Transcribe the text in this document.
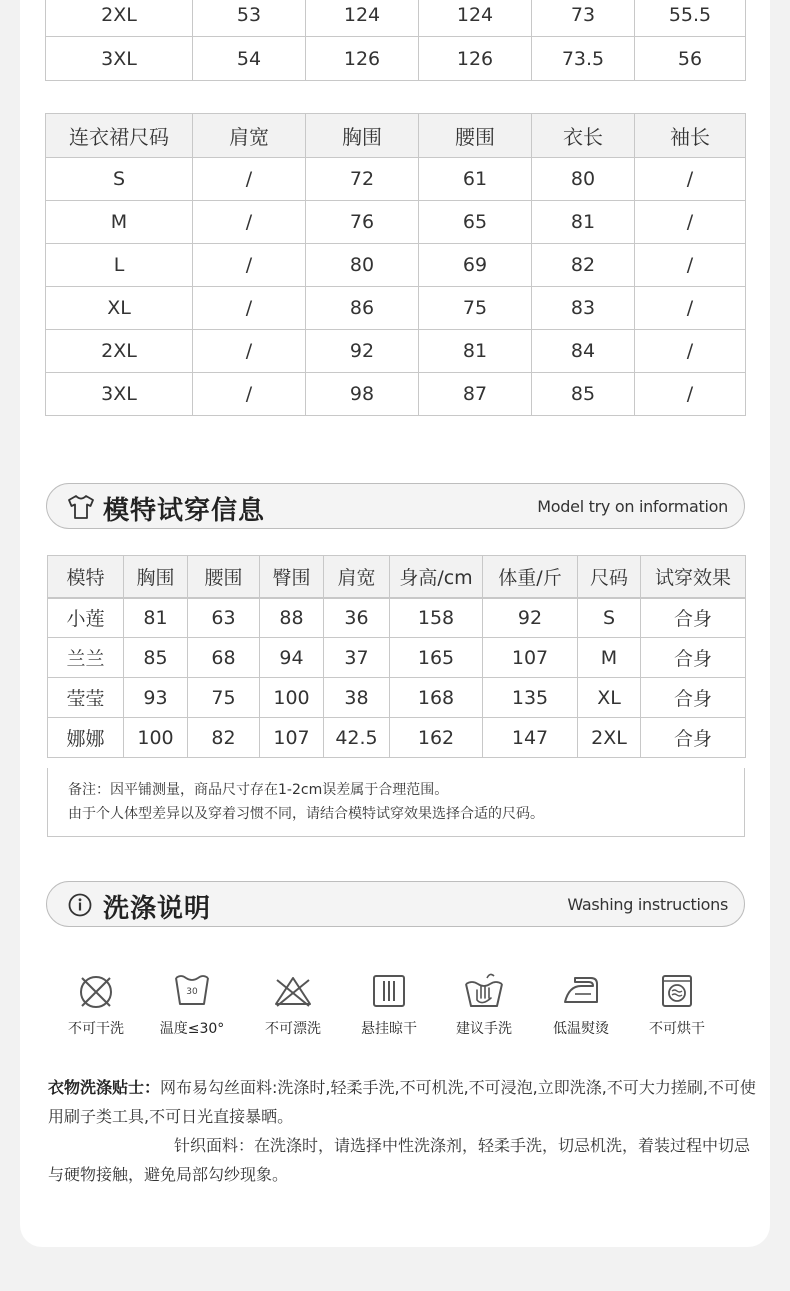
2XL	53	124	124	73	55.5
3XL	54	126	126	73.5	56
连衣裙尺码	肩宽	胸围	腰围	衣长	袖长
S	/	72	61	80	/
M	/	76	65	81	/
L	/	80	69	82	/
XL	/	86	75	83	/
2XL	/	92	81	84	/
3XL	/	98	87	85	/
模特试穿信息	Model try on information
模特	胸围	腰围	臀围	肩宽	身高/cm	体重/斤	尺码	试穿效果
小莲	81	63	88	36	158	92	S	合身
兰兰	85	68	94	37	165	107	M	合身
莹莹	93	75	100	38	168	135	XL	合身
娜娜	100	82	107	42.5	162	147	2XL	合身
备注：因平铺测量，商品尺寸存在1-2cm误差属于合理范围。
由于个人体型差异以及穿着习惯不同，请结合模特试穿效果选择合适的尺码。
洗涤说明	Washing instructions
不可干洗
30
温度≤30°	不可漂洗	悬挂晾干	建议手洗	低温熨烫	不可烘干

衣物洗涤贴士：网布易勾丝面料:洗涤时,轻柔手洗,不可机洗,不可浸泡,立即洗涤,不可大力搓刷,不可使用刷子类工具,不可日光直接暴晒。

针织面料：在洗涤时，请选择中性洗涤剂，轻柔手洗，切忌机洗，着装过程中切忌与硬物接触，避免局部勾纱现象。
